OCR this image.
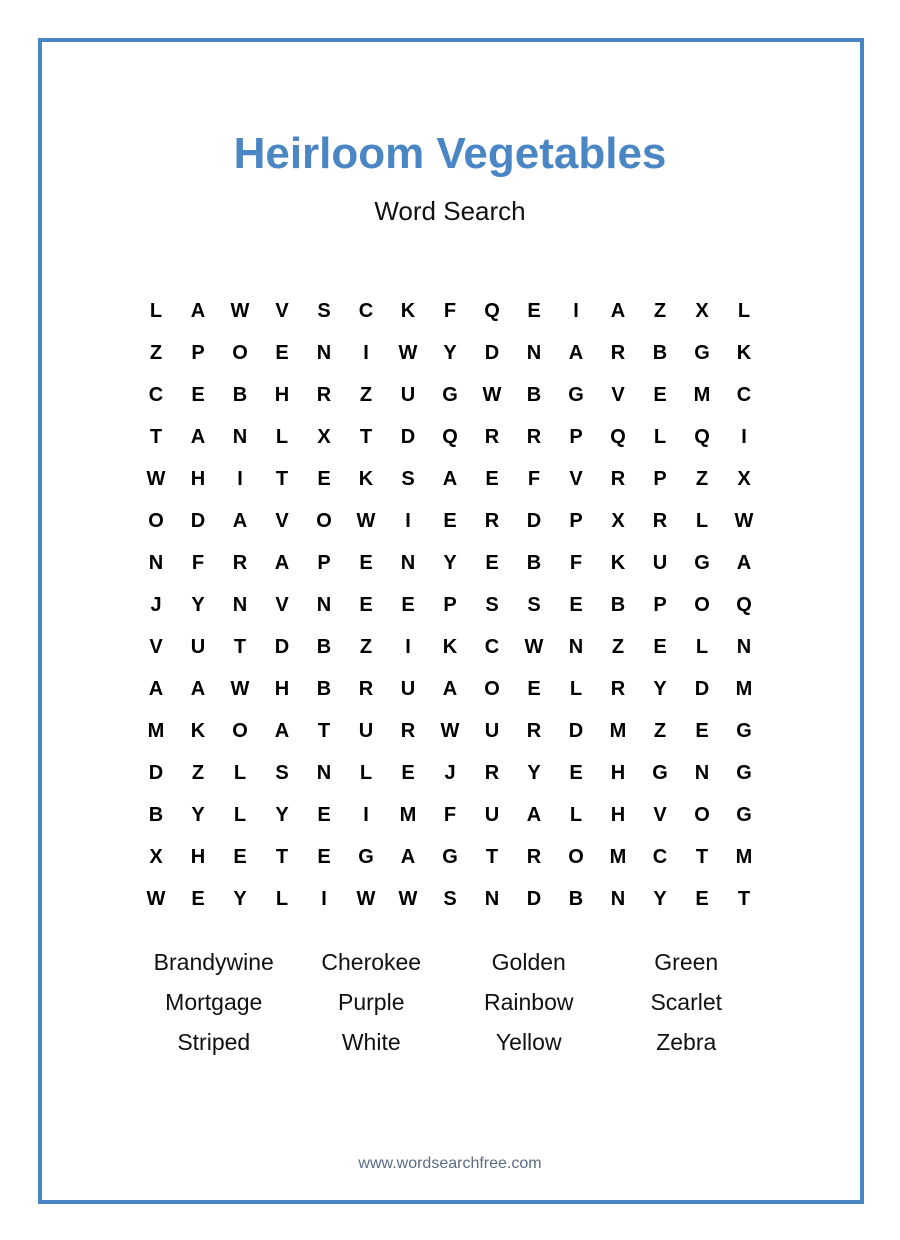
Heirloom Vegetables
Word Search
L	A	W	V	S	C	K	F	Q	E	I	A	Z	X	L
Z	P	O	E	N	I	W	Y	D	N	A	R	B	G	K
C	E	B	H	R	Z	U	G	W	B	G	V	E	M	C
T	A	N	L	X	T	D	Q	R	R	P	Q	L	Q	I
W	H	I	T	E	K	S	A	E	F	V	R	P	Z	X
O	D	A	V	O	W	I	E	R	D	P	X	R	L	W
N	F	R	A	P	E	N	Y	E	B	F	K	U	G	A
J	Y	N	V	N	E	E	P	S	S	E	B	P	O	Q
V	U	T	D	B	Z	I	K	C	W	N	Z	E	L	N
A	A	W	H	B	R	U	A	O	E	L	R	Y	D	M
M	K	O	A	T	U	R	W	U	R	D	M	Z	E	G
D	Z	L	S	N	L	E	J	R	Y	E	H	G	N	G
B	Y	L	Y	E	I	M	F	U	A	L	H	V	O	G
X	H	E	T	E	G	A	G	T	R	O	M	C	T	M
W	E	Y	L	I	W	W	S	N	D	B	N	Y	E	T
Brandywine	Cherokee	Golden	Green
Mortgage	Purple	Rainbow	Scarlet
Striped	White	Yellow	Zebra
www.wordsearchfree.com
